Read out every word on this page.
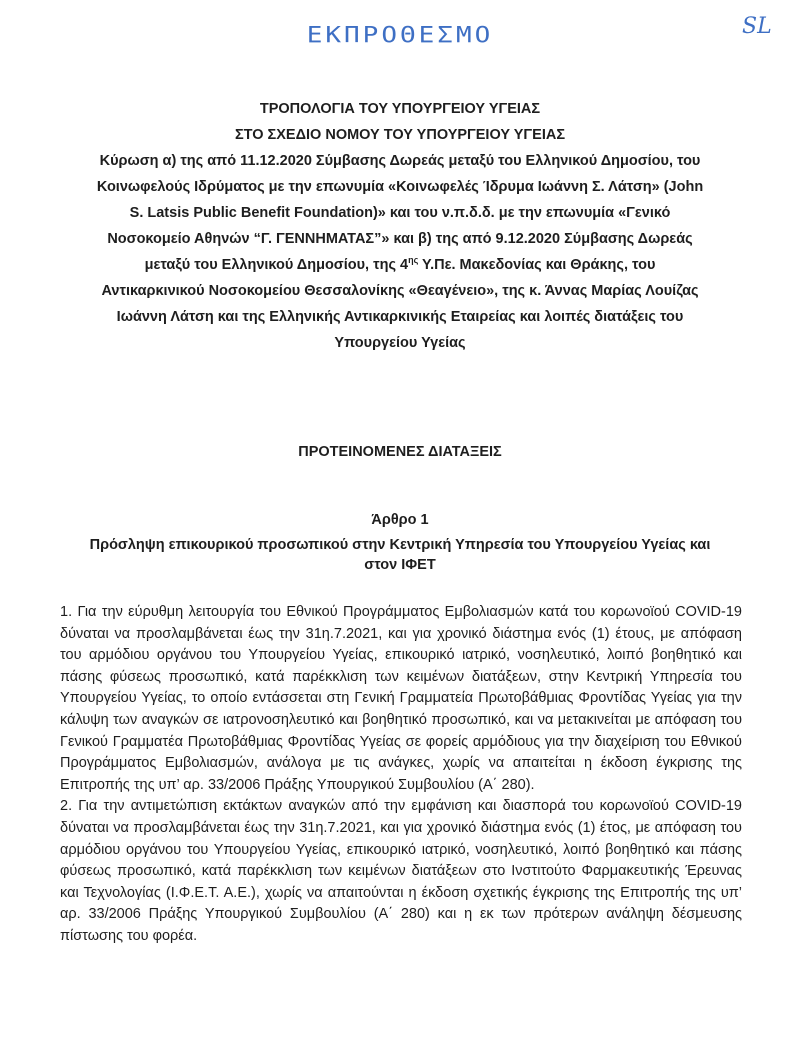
ΕΚΠΡΟΘΕΣΜΟ	SL
ΤΡΟΠΟΛΟΓΙΑ ΤΟΥ ΥΠΟΥΡΓΕΙΟΥ ΥΓΕΙΑΣ
ΣΤΟ ΣΧΕΔΙΟ ΝΟΜΟΥ ΤΟΥ ΥΠΟΥΡΓΕΙΟΥ ΥΓΕΙΑΣ
Κύρωση α) της από 11.12.2020 Σύμβασης Δωρεάς μεταξύ του Ελληνικού Δημοσίου, του
Κοινωφελούς Ιδρύματος με την επωνυμία «Κοινωφελές Ίδρυμα Ιωάννη Σ. Λάτση» (John
S. Latsis Public Benefit Foundation)» και του ν.π.δ.δ. με την επωνυμία «Γενικό
Νοσοκομείο Αθηνών “Γ. ΓΕΝΝΗΜΑΤΑΣ”» και β) της από 9.12.2020 Σύμβασης Δωρεάς
μεταξύ του Ελληνικού Δημοσίου, της $4^{\eta\varsigma}$ Υ.Πε. Μακεδονίας και Θράκης, του
Αντικαρκινικού Νοσοκομείου Θεσσαλονίκης «Θεαγένειο», της κ. Άννας Μαρίας Λουίζας
Ιωάννη Λάτση και της Ελληνικής Αντικαρκινικής Εταιρείας και λοιπές διατάξεις του
Υπουργείου Υγείας
ΠΡΟΤΕΙΝΟΜΕΝΕΣ ΔΙΑΤΑΞΕΙΣ
Άρθρο 1
Πρόσληψη επικουρικού προσωπικού στην Κεντρική Υπηρεσία του Υπουργείου Υγείας και
στον ΙΦΕΤ

1. Για την εύρυθμη λειτουργία του Εθνικού Προγράμματος Εμβολιασμών κατά του κορωνοϊού COVID-19 δύναται να προσλαμβάνεται έως την 31η.7.2021, και για χρονικό διάστημα ενός (1) έτους, με απόφαση του αρμόδιου οργάνου του Υπουργείου Υγείας, επικουρικό ιατρικό, νοσηλευτικό, λοιπό βοηθητικό και πάσης φύσεως προσωπικό, κατά παρέκκλιση των κειμένων διατάξεων, στην Κεντρική Υπηρεσία του Υπουργείου Υγείας, το οποίο εντάσσεται στη Γενική Γραμματεία Πρωτοβάθμιας Φροντίδας Υγείας για την κάλυψη των αναγκών σε ιατρονοσηλευτικό και βοηθητικό προσωπικό, και να μετακινείται με απόφαση του Γενικού Γραμματέα Πρωτοβάθμιας Φροντίδας Υγείας σε φορείς αρμόδιους για την διαχείριση του Εθνικού Προγράμματος Εμβολιασμών, ανάλογα με τις ανάγκες, χωρίς να απαιτείται η έκδοση έγκρισης της Επιτροπής της υπ’ αρ. 33/2006 Πράξης Υπουργικού Συμβουλίου (Α΄ 280).

2. Για την αντιμετώπιση εκτάκτων αναγκών από την εμφάνιση και διασπορά του κορωνοϊού COVID-19 δύναται να προσλαμβάνεται έως την 31η.7.2021, και για χρονικό διάστημα ενός (1) έτος, με απόφαση του αρμόδιου οργάνου του Υπουργείου Υγείας, επικουρικό ιατρικό, νοσηλευτικό, λοιπό βοηθητικό και πάσης φύσεως προσωπικό, κατά παρέκκλιση των κειμένων διατάξεων στο Ινστιτούτο Φαρμακευτικής Έρευνας και Τεχνολογίας (Ι.Φ.Ε.Τ. Α.Ε.), χωρίς να απαιτούνται η έκδοση σχετικής έγκρισης της Επιτροπής της υπ’ αρ. 33/2006 Πράξης Υπουργικού Συμβουλίου (Α΄ 280) και η εκ των πρότερων ανάληψη δέσμευσης πίστωσης του φορέα.
